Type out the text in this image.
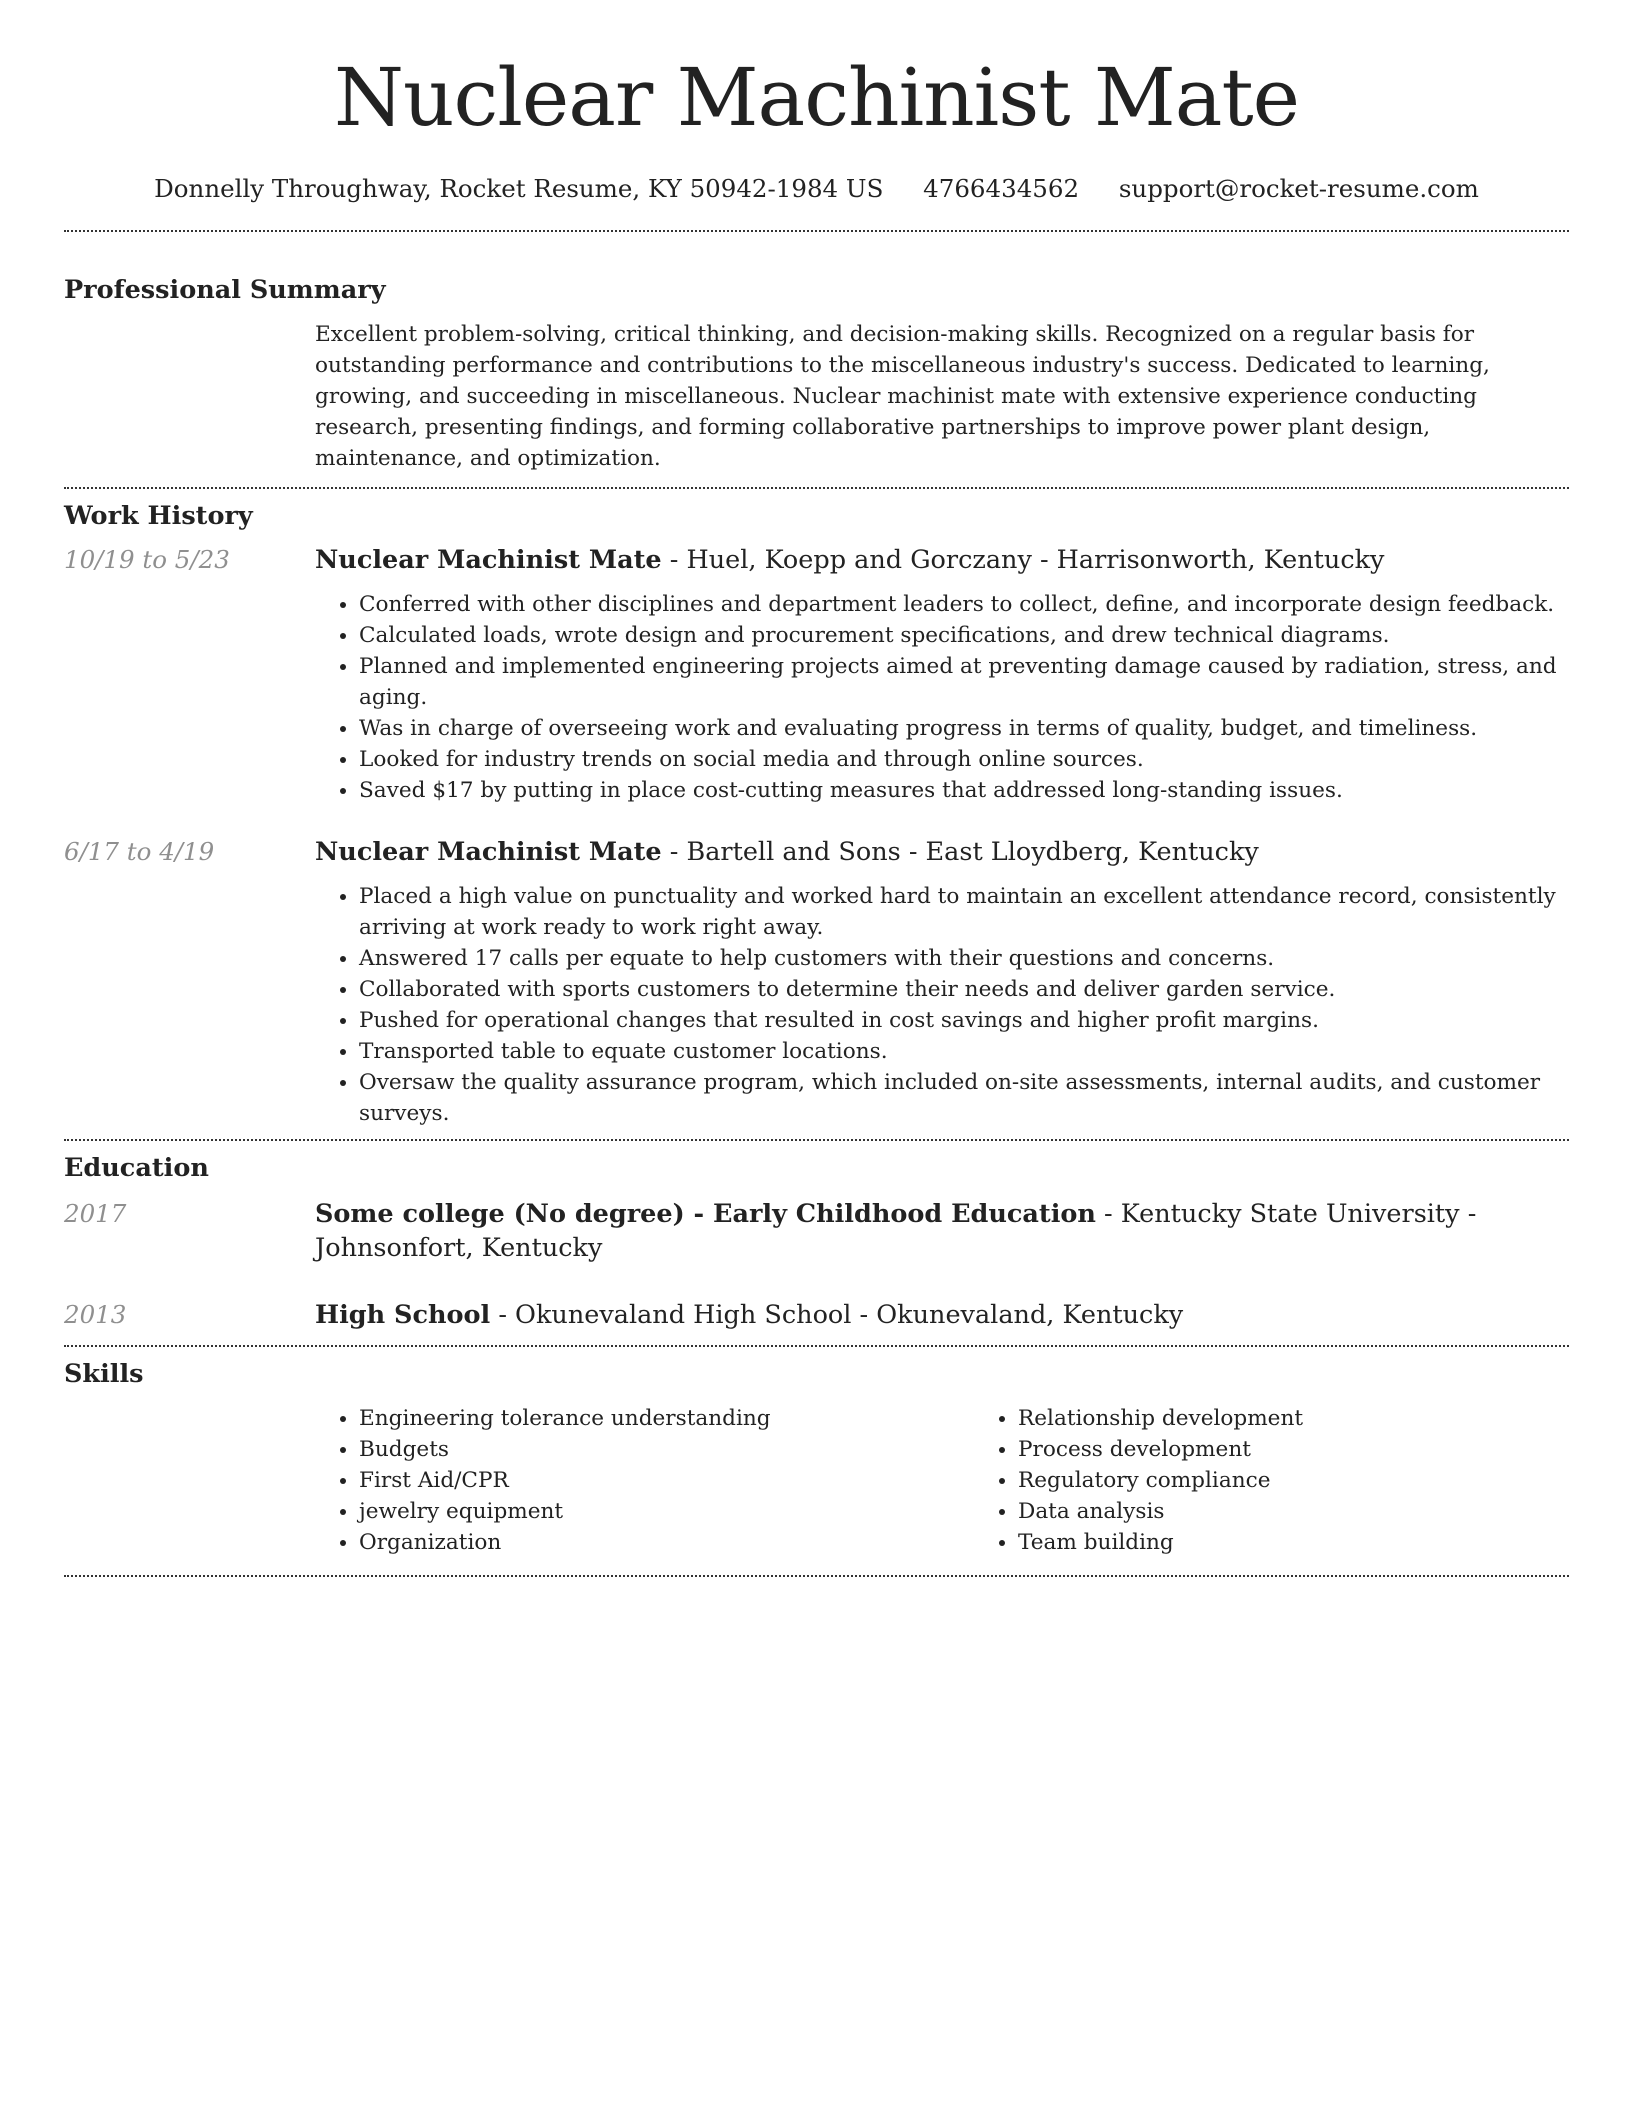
Nuclear Machinist Mate
Donnelly Throughway, Rocket Resume, KY 50942-1984 US 4766434562 support@rocket-resume.com
Professional Summary

Excellent problem-solving, critical thinking, and decision-making skills. Recognized on a regular basis for outstanding performance and contributions to the miscellaneous industry's success. Dedicated to learning, growing, and succeeding in miscellaneous. Nuclear machinist mate with extensive experience conducting research, presenting findings, and forming collaborative partnerships to improve power plant design, maintenance, and optimization.

Work History
10/19 to 5/23	Nuclear Machinist Mate - Huel, Koepp and Gorczany - Harrisonworth, Kentucky

• Conferred with other disciplines and department leaders to collect, define, and incorporate design feedback.
• Calculated loads, wrote design and procurement specifications, and drew technical diagrams.
• Planned and implemented engineering projects aimed at preventing damage caused by radiation, stress, and aging.
• Was in charge of overseeing work and evaluating progress in terms of quality, budget, and timeliness.
• Looked for industry trends on social media and through online sources.
• Saved $17 by putting in place cost-cutting measures that addressed long-standing issues.
6/17 to 4/19	Nuclear Machinist Mate - Bartell and Sons - East Lloydberg, Kentucky

• Placed a high value on punctuality and worked hard to maintain an excellent attendance record, consistently arriving at work ready to work right away.
• Answered 17 calls per equate to help customers with their questions and concerns.
• Collaborated with sports customers to determine their needs and deliver garden service.
• Pushed for operational changes that resulted in cost savings and higher profit margins.
• Transported table to equate customer locations.
• Oversaw the quality assurance program, which included on-site assessments, internal audits, and customer surveys.
Education
2017	Some college (No degree) - Early Childhood Education - Kentucky State University - Johnsonfort, Kentucky

2013	High School - Okunevaland High School - Okunevaland, Kentucky

Skills
• Engineering tolerance understanding
• Budgets
• First Aid/CPR
• jewelry equipment
• Organization
• Relationship development
• Process development
• Regulatory compliance
• Data analysis
• Team building
